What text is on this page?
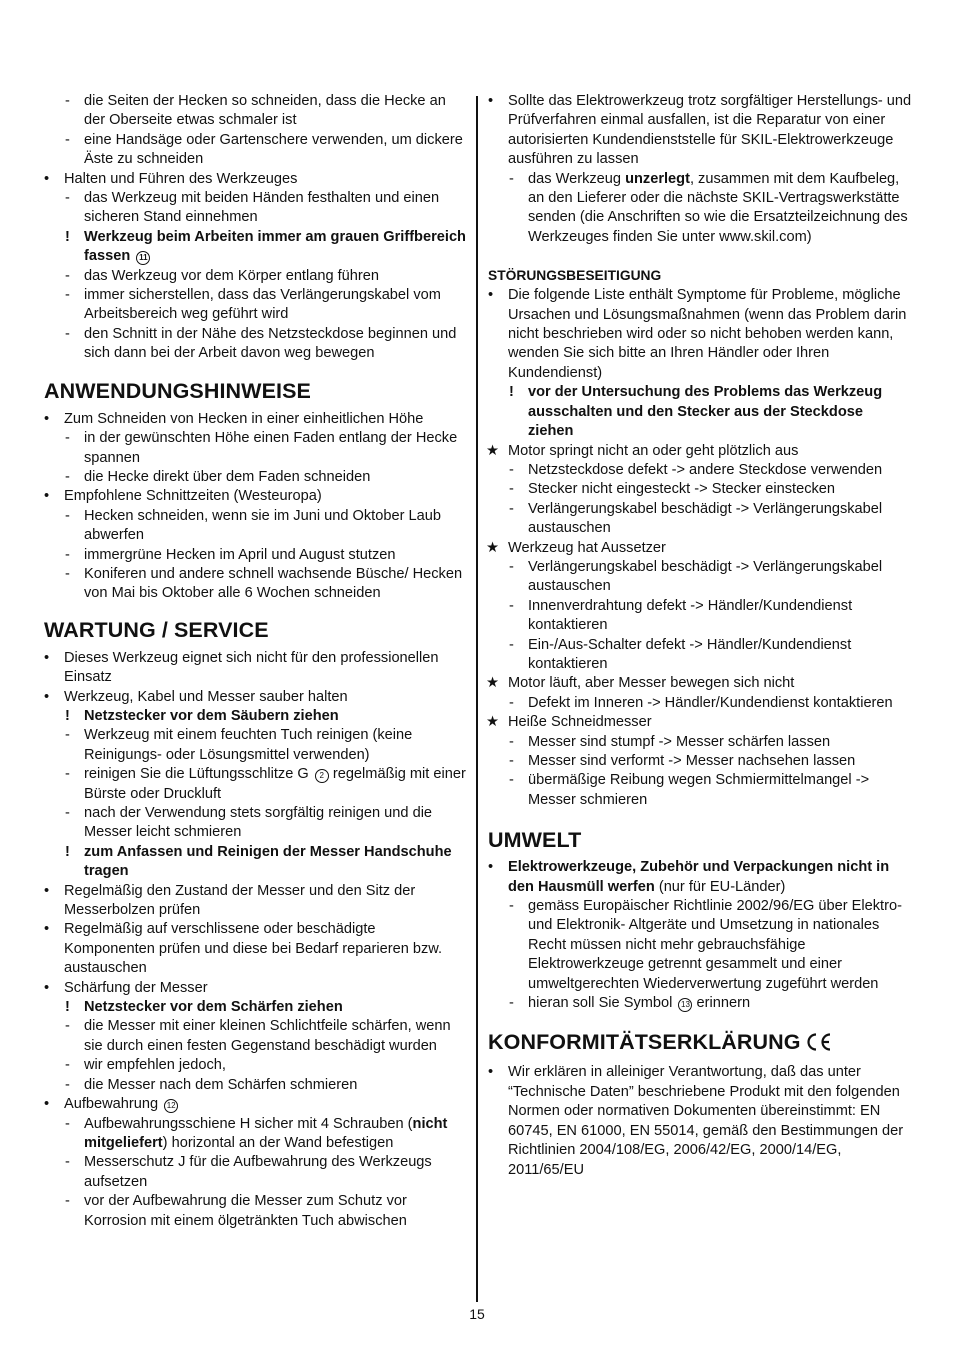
- die Seiten der Hecken so schneiden, dass die Hecke an der Oberseite etwas schmaler ist
- eine Handsäge oder Gartenschere verwenden, um dickere Äste zu schneiden
• Halten und Führen des Werkzeuges
- das Werkzeug mit beiden Händen festhalten und einen sicheren Stand einnehmen
! Werkzeug beim Arbeiten immer am grauen Griffbereich fassen 11
- das Werkzeug vor dem Körper entlang führen
- immer sicherstellen, dass das Verlängerungskabel vom Arbeitsbereich weg geführt wird
- den Schnitt in der Nähe des Netzsteckdose beginnen und sich dann bei der Arbeit davon weg bewegen
ANWENDUNGSHINWEISE
• Zum Schneiden von Hecken in einer einheitlichen Höhe
- in der gewünschten Höhe einen Faden entlang der Hecke spannen
- die Hecke direkt über dem Faden schneiden
• Empfohlene Schnittzeiten (Westeuropa)
- Hecken schneiden, wenn sie im Juni und Oktober Laub abwerfen
- immergrüne Hecken im April und August stutzen
- Koniferen und andere schnell wachsende Büsche/ Hecken von Mai bis Oktober alle 6 Wochen schneiden
WARTUNG / SERVICE
• Dieses Werkzeug eignet sich nicht für den professionellen Einsatz
• Werkzeug, Kabel und Messer sauber halten
! Netzstecker vor dem Säubern ziehen
- Werkzeug mit einem feuchten Tuch reinigen (keine Reinigungs- oder Lösungsmittel verwenden)
- reinigen Sie die Lüftungsschlitze G 2 regelmäßig mit einer Bürste oder Druckluft
- nach der Verwendung stets sorgfältig reinigen und die Messer leicht schmieren
! zum Anfassen und Reinigen der Messer Handschuhe tragen
• Regelmäßig den Zustand der Messer und den Sitz der Messerbolzen prüfen
• Regelmäßig auf verschlissene oder beschädigte Komponenten prüfen und diese bei Bedarf reparieren bzw. austauschen
• Schärfung der Messer
! Netzstecker vor dem Schärfen ziehen
- die Messer mit einer kleinen Schlichtfeile schärfen, wenn sie durch einen festen Gegenstand beschädigt wurden
- wir empfehlen jedoch,
- die Messer nach dem Schärfen schmieren
• Aufbewahrung 12
- Aufbewahrungsschiene H sicher mit 4 Schrauben (nicht mitgeliefert) horizontal an der Wand befestigen
- Messerschutz J für die Aufbewahrung des Werkzeugs aufsetzen
- vor der Aufbewahrung die Messer zum Schutz vor Korrosion mit einem ölgetränkten Tuch abwischen
• Sollte das Elektrowerkzeug trotz sorgfältiger Herstellungs- und Prüfverfahren einmal ausfallen, ist die Reparatur von einer autorisierten Kundendienststelle für SKIL-Elektrowerkzeuge ausführen zu lassen
- das Werkzeug unzerlegt, zusammen mit dem Kaufbeleg, an den Lieferer oder die nächste SKIL-Vertragswerkstätte senden (die Anschriften so wie die Ersatzteilzeichnung des Werkzeuges finden Sie unter www.skil.com)
STÖRUNGSBESEITIGUNG
• Die folgende Liste enthält Symptome für Probleme, mögliche Ursachen und Lösungsmaßnahmen (wenn das Problem darin nicht beschrieben wird oder so nicht behoben werden kann, wenden Sie sich bitte an Ihren Händler oder Ihren Kundendienst)
! vor der Untersuchung des Problems das Werkzeug ausschalten und den Stecker aus der Steckdose ziehen
★ Motor springt nicht an oder geht plötzlich aus
- Netzsteckdose defekt -> andere Steckdose verwenden
- Stecker nicht eingesteckt -> Stecker einstecken
- Verlängerungskabel beschädigt -> Verlängerungskabel austauschen
★ Werkzeug hat Aussetzer
- Verlängerungskabel beschädigt -> Verlängerungskabel austauschen
- Innenverdrahtung defekt -> Händler/Kundendienst kontaktieren
- Ein-/Aus-Schalter defekt -> Händler/Kundendienst kontaktieren
★ Motor läuft, aber Messer bewegen sich nicht
- Defekt im Inneren -> Händler/Kundendienst kontaktieren
★ Heiße Schneidmesser
- Messer sind stumpf -> Messer schärfen lassen
- Messer sind verformt -> Messer nachsehen lassen
- übermäßige Reibung wegen Schmiermittelmangel -> Messer schmieren
UMWELT
• Elektrowerkzeuge, Zubehör und Verpackungen nicht in den Hausmüll werfen (nur für EU-Länder)
- gemäss Europäischer Richtlinie 2002/96/EG über Elektro- und Elektronik- Altgeräte und Umsetzung in nationales Recht müssen nicht mehr gebrauchsfähige Elektrowerkzeuge getrennt gesammelt und einer umweltgerechten Wiederverwertung zugeführt werden
- hieran soll Sie Symbol 13 erinnern
KONFORMITÄTSERKLÄRUNG
• Wir erklären in alleiniger Verantwortung, daß das unter “Technische Daten” beschriebene Produkt mit den folgenden Normen oder normativen Dokumenten übereinstimmt: EN 60745, EN 61000, EN 55014, gemäß den Bestimmungen der Richtlinien 2004/108/EG, 2006/42/EG, 2000/14/EG, 2011/65/EU
15
